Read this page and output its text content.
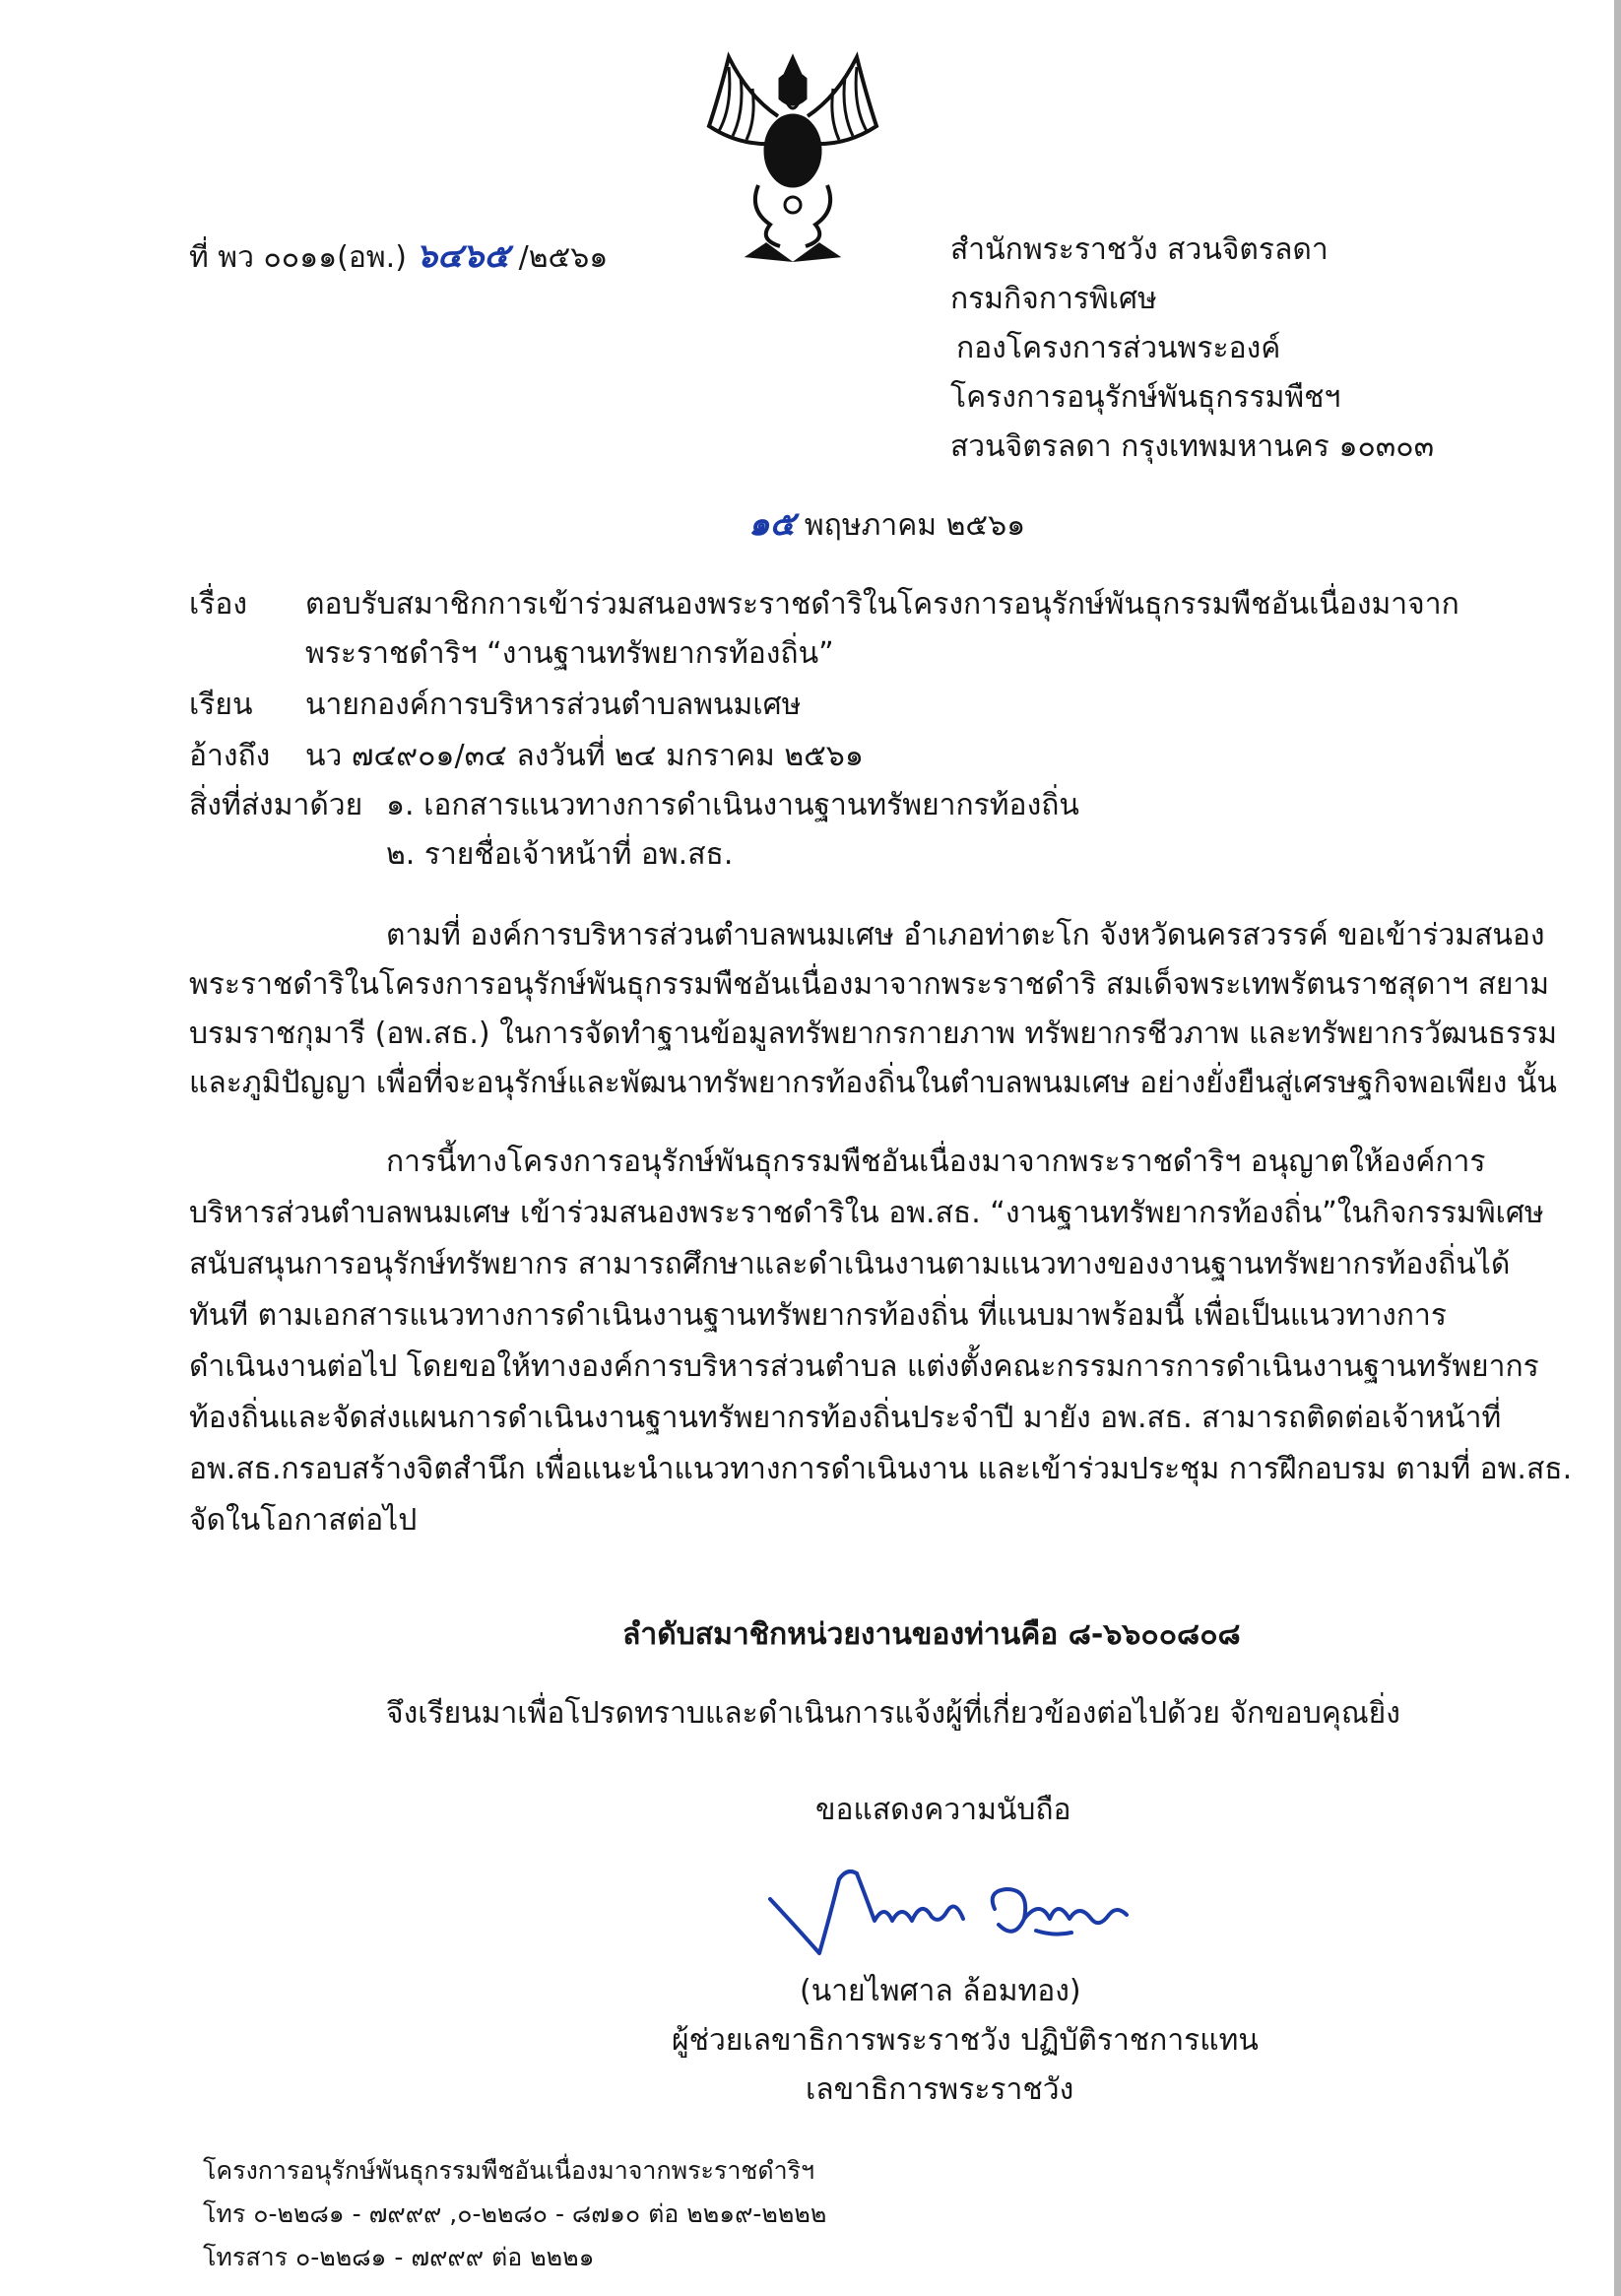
ที่ พว ๐๐๑๑(อพ.) ๖๔๖๕ /๒๕๖๑	สำนักพระราชวัง สวนจิตรลดา
กรมกิจการพิเศษ
กองโครงการส่วนพระองค์
โครงการอนุรักษ์พันธุกรรมพืชฯ
สวนจิตรลดา กรุงเทพมหานคร ๑๐๓๐๓
๑๕ พฤษภาคม ๒๕๖๑
เรื่อง ตอบรับสมาชิกการเข้าร่วมสนองพระราชดำริในโครงการอนุรักษ์พันธุกรรมพืชอันเนื่องมาจาก
พระราชดำริฯ “งานฐานทรัพยากรท้องถิ่น”
เรียน นายกองค์การบริหารส่วนตำบลพนมเศษ
อ้างถึง นว ๗๔๙๐๑/๓๔ ลงวันที่ ๒๔ มกราคม ๒๕๖๑
สิ่งที่ส่งมาด้วย ๑. เอกสารแนวทางการดำเนินงานฐานทรัพยากรท้องถิ่น
๒. รายชื่อเจ้าหน้าที่ อพ.สธ.
ตามที่ องค์การบริหารส่วนตำบลพนมเศษ อำเภอท่าตะโก จังหวัดนครสวรรค์ ขอเข้าร่วมสนอง
พระราชดำริในโครงการอนุรักษ์พันธุกรรมพืชอันเนื่องมาจากพระราชดำริ สมเด็จพระเทพรัตนราชสุดาฯ สยาม
บรมราชกุมารี (อพ.สธ.) ในการจัดทำฐานข้อมูลทรัพยากรกายภาพ ทรัพยากรชีวภาพ และทรัพยากรวัฒนธรรม
และภูมิปัญญา เพื่อที่จะอนุรักษ์และพัฒนาทรัพยากรท้องถิ่นในตำบลพนมเศษ อย่างยั่งยืนสู่เศรษฐกิจพอเพียง นั้น
การนี้ทางโครงการอนุรักษ์พันธุกรรมพืชอันเนื่องมาจากพระราชดำริฯ อนุญาตให้องค์การ
บริหารส่วนตำบลพนมเศษ เข้าร่วมสนองพระราชดำริใน อพ.สธ. “งานฐานทรัพยากรท้องถิ่น”ในกิจกรรมพิเศษ
สนับสนุนการอนุรักษ์ทรัพยากร สามารถศึกษาและดำเนินงานตามแนวทางของงานฐานทรัพยากรท้องถิ่นได้
ทันที ตามเอกสารแนวทางการดำเนินงานฐานทรัพยากรท้องถิ่น ที่แนบมาพร้อมนี้ เพื่อเป็นแนวทางการ
ดำเนินงานต่อไป โดยขอให้ทางองค์การบริหารส่วนตำบล แต่งตั้งคณะกรรมการการดำเนินงานฐานทรัพยากร
ท้องถิ่นและจัดส่งแผนการดำเนินงานฐานทรัพยากรท้องถิ่นประจำปี มายัง อพ.สธ. สามารถติดต่อเจ้าหน้าที่
อพ.สธ.กรอบสร้างจิตสำนึก เพื่อแนะนำแนวทางการดำเนินงาน และเข้าร่วมประชุม การฝึกอบรม ตามที่ อพ.สธ.
จัดในโอกาสต่อไป
ลำดับสมาชิกหน่วยงานของท่านคือ ๘-๖๖๐๐๘๐๘
จึงเรียนมาเพื่อโปรดทราบและดำเนินการแจ้งผู้ที่เกี่ยวข้องต่อไปด้วย จักขอบคุณยิ่ง
ขอแสดงความนับถือ
(นายไพศาล ล้อมทอง)
ผู้ช่วยเลขาธิการพระราชวัง ปฏิบัติราชการแทน
เลขาธิการพระราชวัง
โครงการอนุรักษ์พันธุกรรมพืชอันเนื่องมาจากพระราชดำริฯ
โทร ๐-๒๒๘๑ - ๗๙๙๙ ,๐-๒๒๘๐ - ๘๗๑๐ ต่อ ๒๒๑๙-๒๒๒๒
โทรสาร ๐-๒๒๘๑ - ๗๙๙๙ ต่อ ๒๒๒๑
